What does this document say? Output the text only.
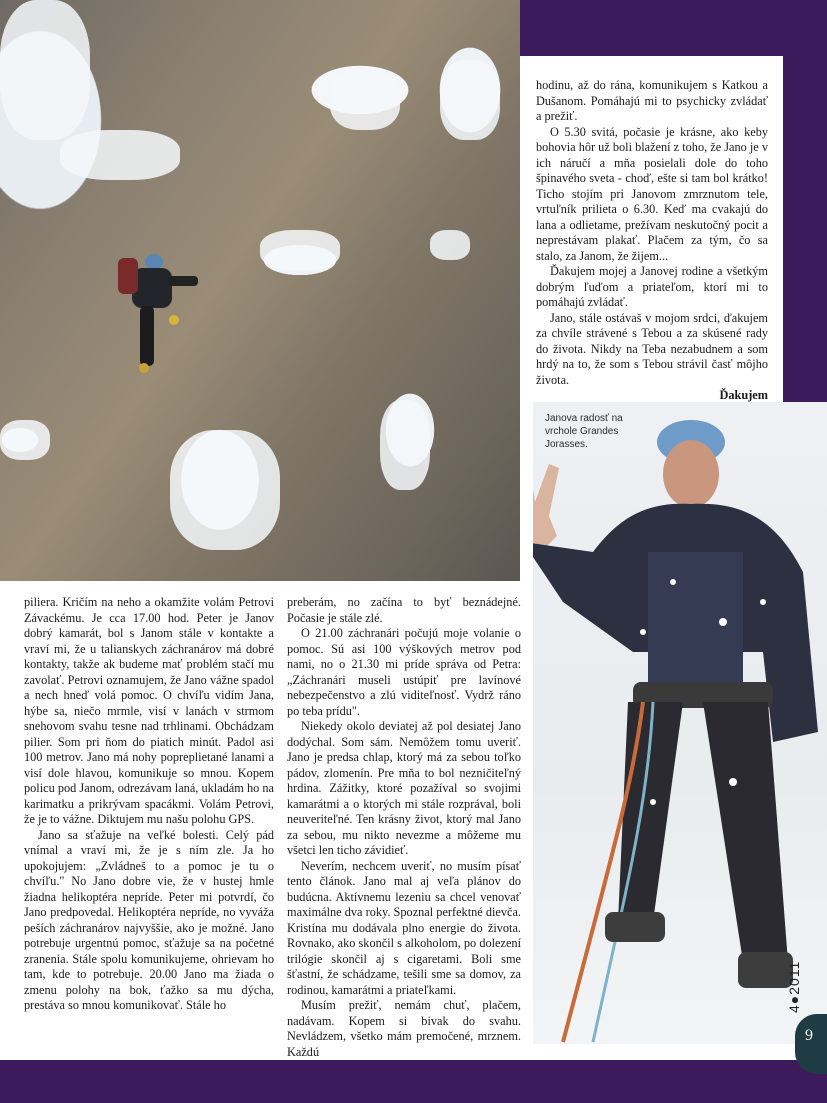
Janova radosť na vrchole Grandes Jorasses.

hodinu, až do rána, komunikujem s Katkou a Dušanom. Pomáhajú mi to psychicky zvládať a prežiť.

O 5.30 svitá, počasie je krásne, ako keby bohovia hôr už boli blažení z toho, že Jano je v ich náručí a mňa posielali dole do toho špinavého sveta - choď, ešte si tam bol krátko! Ticho stojím pri Janovom zmrznutom tele, vrtuľník prilieta o 6.30. Keď ma cvakajú do lana a odlietame, prežívam neskutočný pocit a neprestávam plakať. Plačem za tým, čo sa stalo, za Janom, že žijem...

Ďakujem mojej a Janovej rodine a všetkým dobrým ľuďom a priateľom, ktorí mi to pomáhajú zvládať.

Jano, stále ostávaš v mojom srdci, ďakujem za chvíle strávené s Tebou a za skúsené rady do života. Nikdy na Teba nezabudnem a som hrdý na to, že som s Tebou strávil časť môjho života.

Ďakujem

piliera. Kričím na neho a okamžite volám Petrovi Závackému. Je cca 17.00 hod. Peter je Janov dobrý kamarát, bol s Janom stále v kontakte a vraví mi, že u talianskych záchranárov má dobré kontakty, takže ak budeme mať problém stačí mu zavolať. Petrovi oznamujem, že Jano vážne spadol a nech hneď volá pomoc. O chvíľu vidím Jana, hýbe sa, niečo mrmle, visí v lanách v strmom snehovom svahu tesne nad trhlinami. Obchádzam pilier. Som pri ňom do piatich minút. Padol asi 100 metrov. Jano má nohy popreplietané lanami a visí dole hlavou, komunikuje so mnou. Kopem policu pod Janom, odrezávam laná, ukladám ho na karimatku a prikrývam spacákmi. Volám Petrovi, že je to vážne. Diktujem mu našu polohu GPS.

Jano sa sťažuje na veľké bolesti. Celý pád vnímal a vraví mi, že je s ním zle. Ja ho upokojujem: „Zvládneš to a pomoc je tu o chvíľu." No Jano dobre vie, že v hustej hmle žiadna helikoptéra nepríde. Peter mi potvrdí, čo Jano predpovedal. Helikoptéra nepríde, no vyváža peších záchranárov najvyššie, ako je možné. Jano potrebuje urgentnú pomoc, sťažuje sa na početné zranenia. Stále spolu komunikujeme, ohrievam ho tam, kde to potrebuje. 20.00 Jano ma žiada o zmenu polohy na bok, ťažko sa mu dýcha, prestáva so mnou komunikovať. Stále ho

preberám, no začína to byť beznádejné. Počasie je stále zlé.

O 21.00 záchranári počujú moje volanie o pomoc. Sú asi 100 výškových metrov pod nami, no o 21.30 mi príde správa od Petra: „Záchranári museli ustúpiť pre lavínové nebezpečenstvo a zlú viditeľnosť. Vydrž ráno po teba prídu".

Niekedy okolo deviatej až pol desiatej Jano dodýchal. Som sám. Nemôžem tomu uveriť. Jano je predsa chlap, ktorý má za sebou toľko pádov, zlomenín. Pre mňa to bol nezničiteľný hrdina. Zážitky, ktoré pozažíval so svojimi kamarátmi a o ktorých mi stále rozprával, boli neuveriteľné. Ten krásny život, ktorý mal Jano za sebou, mu nikto nevezme a môžeme mu všetci len ticho závidieť.

Neverím, nechcem uveriť, no musím písať tento článok. Jano mal aj veľa plánov do budúcna. Aktívnemu lezeniu sa chcel venovať maximálne dva roky. Spoznal perfektné dievča. Kristína mu dodávala plno energie do života. Rovnako, ako skončil s alkoholom, po dolezení trilógie skončil aj s cigaretami. Boli sme šťastní, že schádzame, tešili sme sa domov, za rodinou, kamarátmi a priateľkami.

Musím prežiť, nemám chuť, plačem, nadávam. Kopem si bivak do svahu. Nevládzem, všetko mám premočené, mrznem. Každú

4●2011
9
